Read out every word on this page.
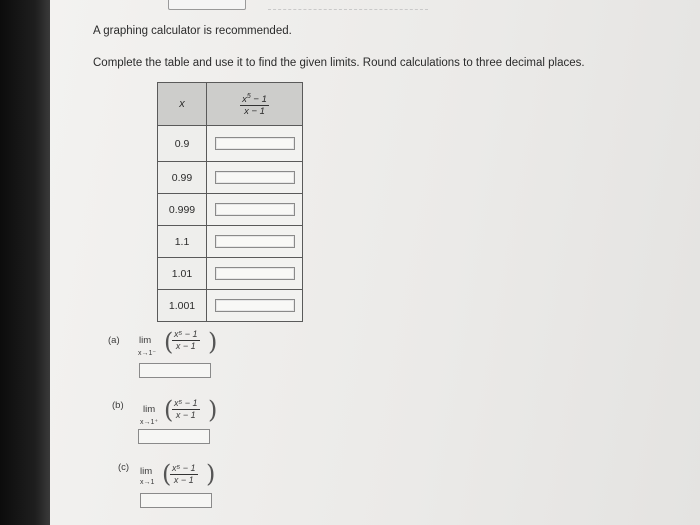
A graphing calculator is recommended.
Complete the table and use it to find the given limits. Round calculations to three decimal places.
x	$\frac{x^5 - 1}{x - 1}$

0.9	

0.99	

0.999	

1.1	

1.01	

1.001	
(a) lim
x→1⁻ (
$\frac{\text{x⁵ − 1}}{x - 1}$ )
(b) lim
x→1⁺ (
$\frac{\text{x⁵ − 1}}{x - 1}$ )
(c) lim
x→1 (
$\frac{\text{x⁵ − 1}}{x - 1}$ )
